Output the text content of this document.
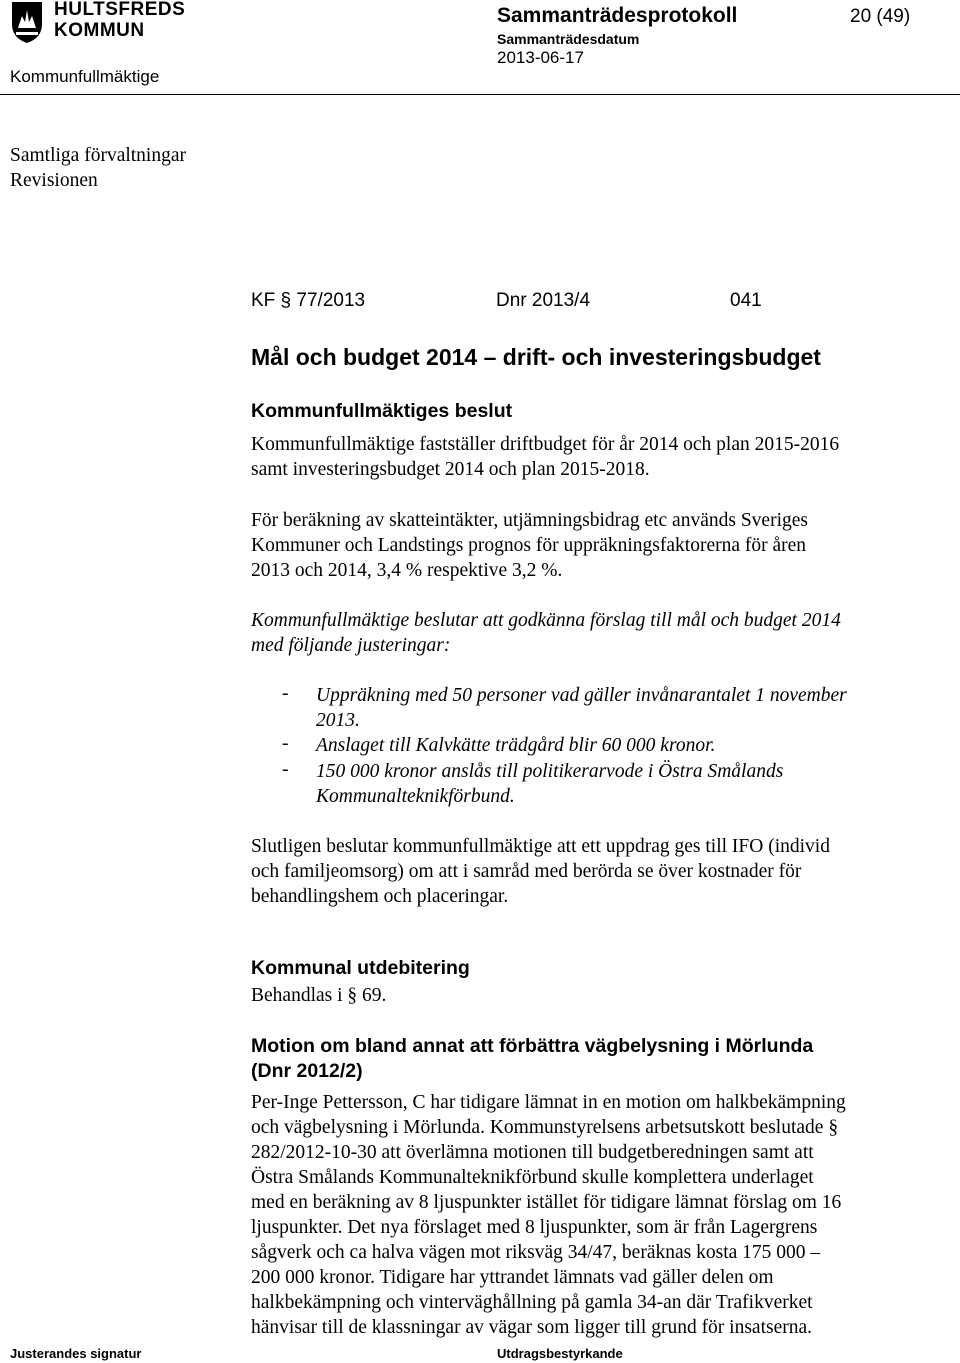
HULTSFREDS
KOMMUN
Sammanträdesprotokoll	20 (49)
Sammanträdesdatum
2013-06-17
Kommunfullmäktige
Samtliga förvaltningar
Revisionen
KF § 77/2013	Dnr 2013/4	041
Mål och budget 2014 – drift- och investeringsbudget
Kommunfullmäktiges beslut
Kommunfullmäktige fastställer driftbudget för år 2014 och plan 2015-2016
samt investeringsbudget 2014 och plan 2015-2018.
För beräkning av skatteintäkter, utjämningsbidrag etc används Sveriges
Kommuner och Landstings prognos för uppräkningsfaktorerna för åren
2013 och 2014, 3,4 % respektive 3,2 %.
Kommunfullmäktige beslutar att godkänna förslag till mål och budget 2014
med följande justeringar:
- Uppräkning med 50 personer vad gäller invånarantalet 1 november
2013.
- Anslaget till Kalvkätte trädgård blir 60 000 kronor.
- 150 000 kronor anslås till politikerarvode i Östra Smålands
Kommunalteknikförbund.
Slutligen beslutar kommunfullmäktige att ett uppdrag ges till IFO (individ
och familjeomsorg) om att i samråd med berörda se över kostnader för
behandlingshem och placeringar.
Kommunal utdebitering
Behandlas i § 69.
Motion om bland annat att förbättra vägbelysning i Mörlunda
(Dnr 2012/2)
Per-Inge Pettersson, C har tidigare lämnat in en motion om halkbekämpning
och vägbelysning i Mörlunda. Kommunstyrelsens arbetsutskott beslutade §
282/2012-10-30 att överlämna motionen till budgetberedningen samt att
Östra Smålands Kommunalteknikförbund skulle komplettera underlaget
med en beräkning av 8 ljuspunkter istället för tidigare lämnat förslag om 16
ljuspunkter. Det nya förslaget med 8 ljuspunkter, som är från Lagergrens
sågverk och ca halva vägen mot riksväg 34/47, beräknas kosta 175 000 –
200 000 kronor. Tidigare har yttrandet lämnats vad gäller delen om
halkbekämpning och vinterväghållning på gamla 34-an där Trafikverket
hänvisar till de klassningar av vägar som ligger till grund för insatserna.
Justerandes signatur	Utdragsbestyrkande
